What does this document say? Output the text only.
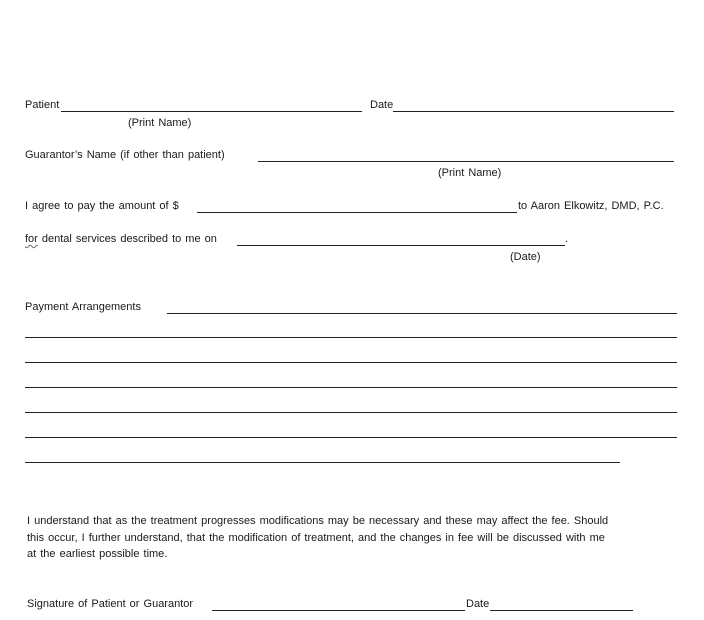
Patient	Date
(Print Name)
Guarantor’s Name (if other than patient)
(Print Name)
I agree to pay the amount of $	to Aaron Elkowitz, DMD, P.C.
for dental services described to me on	.
(Date)
Payment Arrangements
I understand that as the treatment progresses modifications may be necessary and these may affect the fee. Should
this occur, I further understand, that the modification of treatment, and the changes in fee will be discussed with me
at the earliest possible time.
Signature of Patient or Guarantor	Date
